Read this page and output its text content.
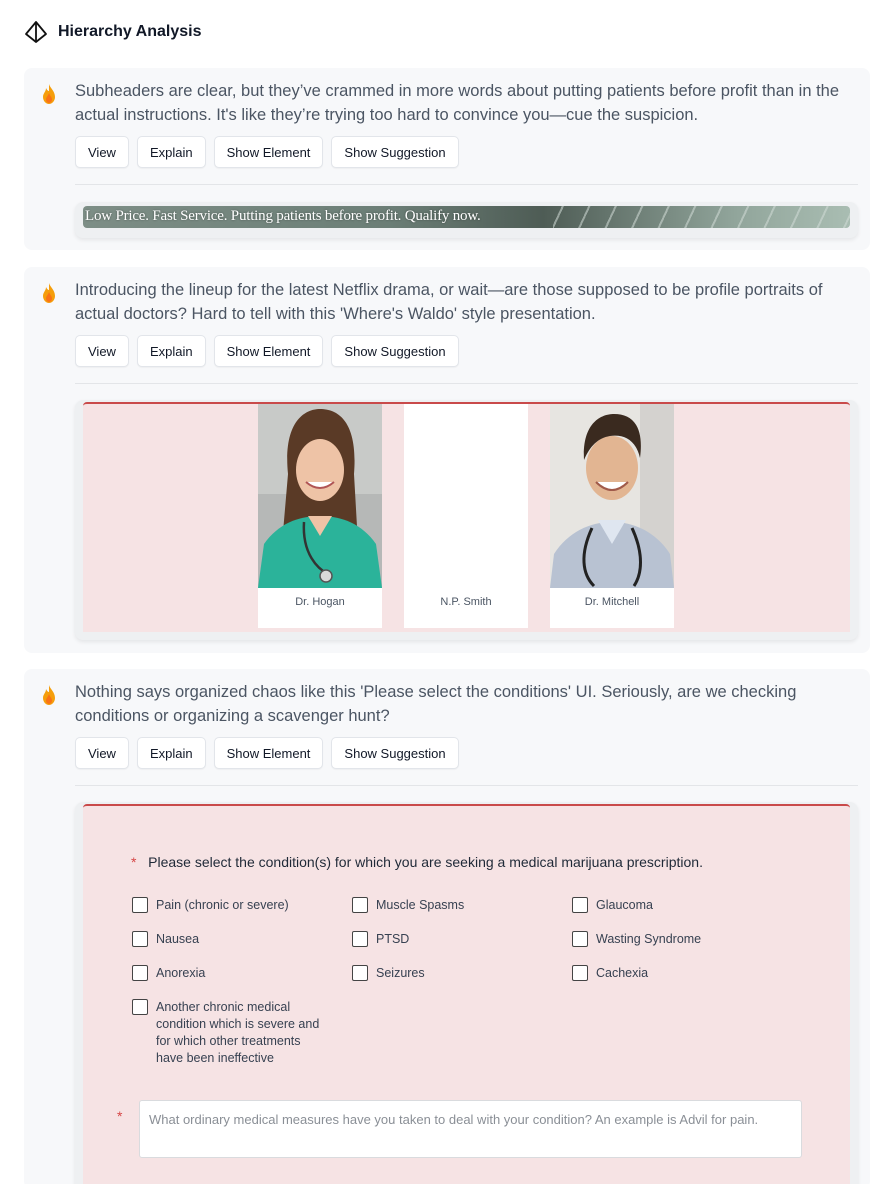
Hierarchy Analysis

Subheaders are clear, but they’ve crammed in more words about putting patients before profit than in the actual instructions. It's like they’re trying too hard to convince you—cue the suspicion.

View	Explain	Show Element	Show Suggestion
Low Price. Fast Service. Putting patients before profit. Qualify now.

Introducing the lineup for the latest Netflix drama, or wait—are those supposed to be profile portraits of actual doctors? Hard to tell with this 'Where's Waldo' style presentation.

View	Explain	Show Element	Show Suggestion
Dr. Hogan	N.P. Smith	Dr. Mitchell

Nothing says organized chaos like this 'Please select the conditions' UI. Seriously, are we checking conditions or organizing a scavenger hunt?

View	Explain	Show Element	Show Suggestion
* Please select the condition(s) for which you are seeking a medical marijuana prescription.
Pain (chronic or severe)	Muscle Spasms	Glaucoma
Nausea	PTSD	Wasting Syndrome
Anorexia	Seizures	Cachexia
Another chronic medical condition which is severe and for which other treatments have been ineffective
*	What ordinary medical measures have you taken to deal with your condition? An example is Advil for pain.
